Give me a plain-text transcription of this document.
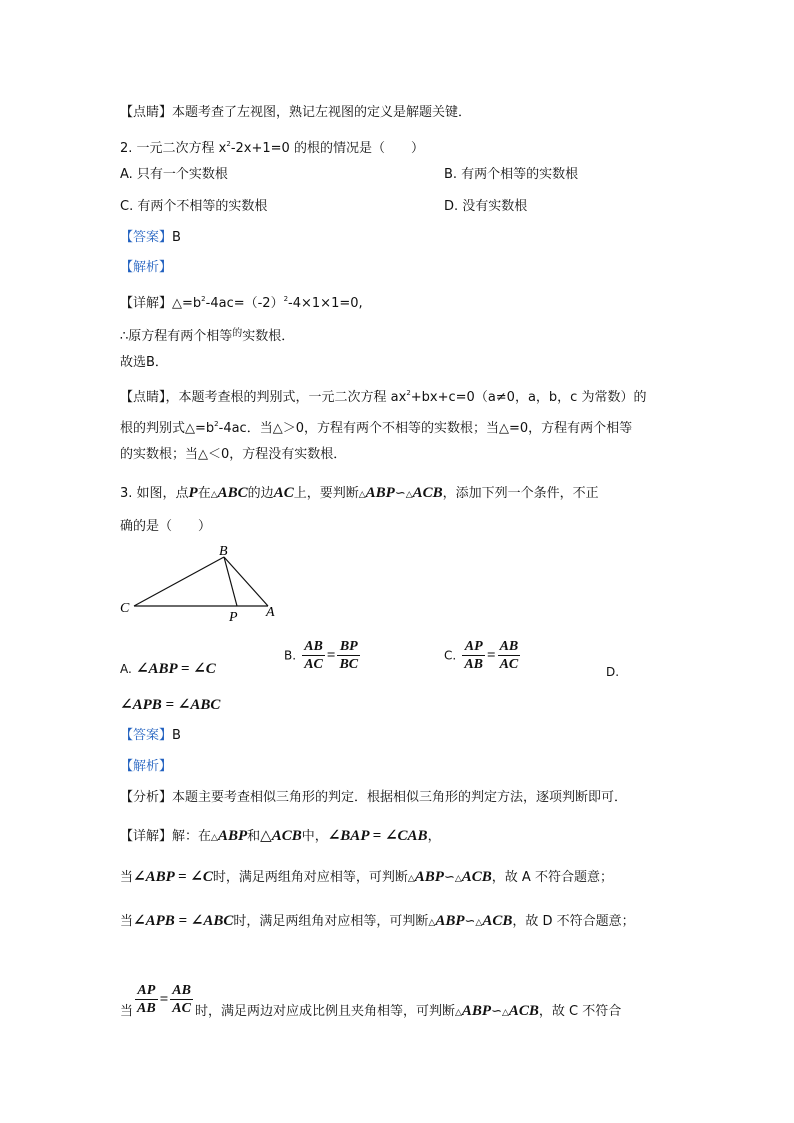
【点睛】本题考查了左视图，熟记左视图的定义是解题关键．
2. 一元二次方程 $x^2-2x+1=0$ 的根的情况是（　　）
A. 只有一个实数根	B. 有两个相等的实数根
C. 有两个不相等的实数根	D. 没有实数根
【答案】B
【解析】
【详解】$\triangle=b^2-4ac=(-2)^2-4\times 1\times 1=0$,
∴原方程有两个相等$^的$实数根．
故选B．
【点睛】，本题考查根的判别式，一元二次方程 $ax^2+bx+c=0(a\ne 0$，a，b，c 为常数）的
根的判别式$\triangle=b^2-4ac$．当△＞0，方程有两个不相等的实数根；当△=0，方程有两个相等
的实数根；当△＜0，方程没有实数根．
3. 如图，点P在△ABC的边AC上，要判断△ABP∽△ACB，添加下列一个条件，不正
确的是（　　）
B
C
P A
A. ∠ABP = ∠C
B. $\frac{AB}{AC} = \frac{BP}{BC}$	C. $\frac{AP}{AB} = \frac{AB}{AC}$	D.
∠APB = ∠ABC
【答案】B
【解析】
【分析】本题主要考查相似三角形的判定．根据相似三角形的判定方法，逐项判断即可．
【详解】解：在△ABP和△ACB中，∠BAP = ∠CAB，
当∠ABP = ∠C时，满足两组角对应相等，可判断△ABP∽△ACB，故 A 不符合题意；
当∠APB = ∠ABC时，满足两组角对应相等，可判断△ABP∽△ACB，故 D 不符合题意；
当 $\frac{AP}{AB} = \frac{AB}{AC}$ 时，满足两边对应成比例且夹角相等，可判断△ABP∽△ACB，故 C 不符合
